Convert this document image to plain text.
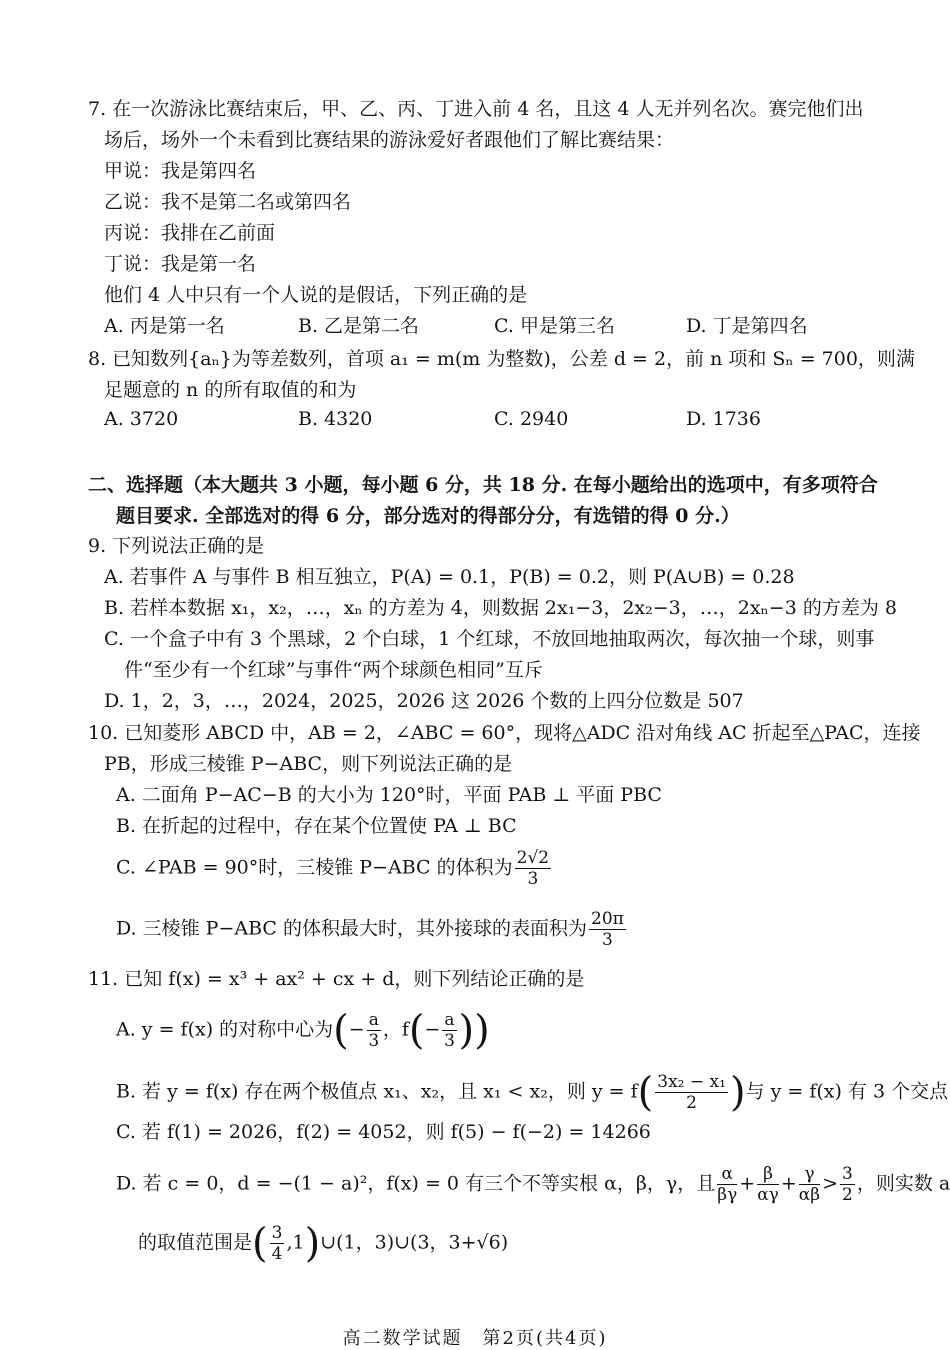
7. 在一次游泳比赛结束后，甲、乙、丙、丁进入前 4 名，且这 4 人无并列名次。赛完他们出
场后，场外一个未看到比赛结果的游泳爱好者跟他们了解比赛结果：
甲说：我是第四名
乙说：我不是第二名或第四名
丙说：我排在乙前面
丁说：我是第一名
他们 4 人中只有一个人说的是假话，下列正确的是
A. 丙是第一名	B. 乙是第二名	C. 甲是第三名	D. 丁是第四名
8. 已知数列{aₙ}为等差数列，首项 a₁ = m(m 为整数)，公差 d = 2，前 n 项和 Sₙ = 700，则满
足题意的 n 的所有取值的和为
A. 3720	B. 4320	C. 2940	D. 1736
二、选择题（本大题共 3 小题，每小题 6 分，共 18 分. 在每小题给出的选项中，有多项符合
题目要求. 全部选对的得 6 分，部分选对的得部分分，有选错的得 0 分.）
9. 下列说法正确的是
A. 若事件 A 与事件 B 相互独立，P(A) = 0.1，P(B) = 0.2，则 P(A∪B) = 0.28
B. 若样本数据 x₁，x₂，…，xₙ 的方差为 4，则数据 2x₁−3，2x₂−3，…，2xₙ−3 的方差为 8
C. 一个盒子中有 3 个黑球，2 个白球，1 个红球，不放回地抽取两次，每次抽一个球，则事
件“至少有一个红球”与事件“两个球颜色相同”互斥
D. 1，2，3，…，2024，2025，2026 这 2026 个数的上四分位数是 507
10. 已知菱形 ABCD 中，AB = 2，∠ABC = 60°，现将△ADC 沿对角线 AC 折起至△PAC，连接
PB，形成三棱锥 P−ABC，则下列说法正确的是
A. 二面角 P−AC−B 的大小为 120°时，平面 PAB ⊥ 平面 PBC
B. 在折起的过程中，存在某个位置使 PA ⊥ BC
C. ∠PAB = 90°时，三棱锥 P−ABC 的体积为 $\frac{2√2}{3}$
D. 三棱锥 P−ABC 的体积最大时，其外接球的表面积为 $\frac{20\pi}{3}$
11. 已知 f(x) = x³ + ax² + cx + d，则下列结论正确的是
A. y = f(x) 的对称中心为(− $\frac{a}{3}$ ，$f(- \frac{a}{3}$ ))
B. 若 y = f(x) 存在两个极值点 x₁、x₂，且 x₁ < x₂，则 $y = f( \frac{\text{3x₂ − x₁}}{2}$ )与 y = f(x) 有 3 个交点
C. 若 f(1) = 2026，f(2) = 4052，则 f(5) − f(−2) = 14266
D. 若 c = 0，d = −(1 − a)²，f(x) = 0 有三个不等实根 α，β，γ，且 $\frac{\alpha}{\beta\gamma} + \frac{\beta}{\alpha\gamma} + \frac{\gamma}{\alpha\beta} > \frac{3}{2}$ ，则实数 a
的取值范围是( $\frac{3}{4}$ ,1)∪(1，3)∪(3，3+√6)
高二数学试题　第2页(共4页)
